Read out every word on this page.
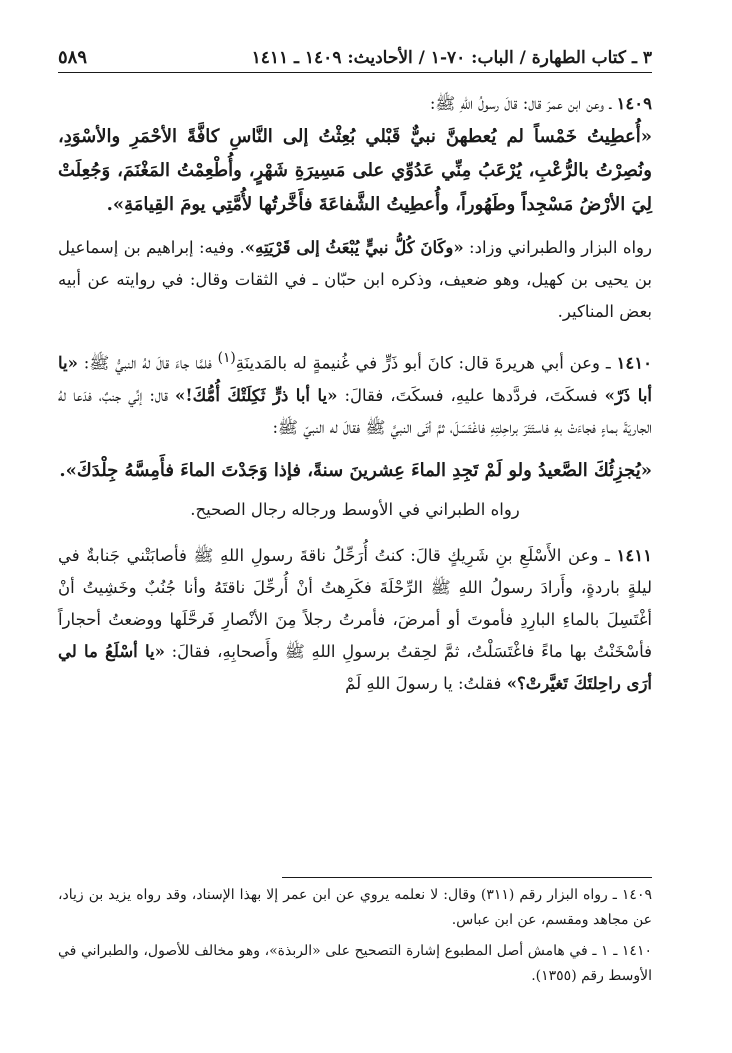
٥٨٩	٣ ـ كتاب الطهارة / الباب: ٧٠-١ / الأحاديث: ١٤٠٩ ـ ١٤١١

١٤٠٩ ـ وعن ابن عمرَ قال: قالَ رسولُ اللهِ ﷺ:

«أُعطِيتُ خَمْساً لم يُعطهنَّ نبيٌّ قَبْلي بُعِثْتُ إلى النَّاسِ كافَّةً الأحْمَرِ والأسْوَدِ، ونُصِرْتُ بالرُّعْبِ، يُرْعَبُ مِنِّي عَدُوِّي على مَسِيرَةِ شَهْرٍ، وأُطْعِمْتُ المَغْنَمَ، وَجُعِلَتْ لِيَ الأرْضُ مَسْجِداً وطَهُوراً، وأُعطِيتُ الشَّفاعَةَ فأَخَّرتُها لأُمَّتِي يومَ القِيامَةِ».

رواه البزار والطبراني وزاد: «وكَانَ كُلُّ نبيٍّ يُبْعَثُ إلى قَرْيَتِهِ». وفيه: إبراهيم بن إسماعيل بن يحيى بن كهيل، وهو ضعيف، وذكره ابن حبّان ـ في الثقات وقال: في روايته عن أبيه بعض المناكير.

١٤١٠ ـ وعن أبي هريرةَ قال: كانَ أبو ذَرٍّ في غُنيمةٍ له بالمَدينَةِ$^{(١)}$ فلمَّا جاءَ قالَ لهُ النبيُّ ﷺ: «يا أبا ذَرّ» فسكَتَ، فردَّدها عليهِ، فسكَتَ، فقالَ: «يا أبا ذرٍّ ثَكِلَتْكَ أُمُّكَ!» قال: إنِّي جنبٌ، فدَعا لهُ الجاريَةَ بماءٍ فجاءَتْ بهِ فاستَتَرَ براحِلتِهِ فاغْتَسَلَ، ثمَّ أتَى النبيَّ ﷺ فقالَ له النبيّ ﷺ:

«يُجزِئُكَ الصَّعيدُ ولو لَمْ تَجِدِ الماءَ عِشرينَ سنةً، فإذا وَجَدْتَ الماءَ فأَمِسَّهُ جِلْدَكَ».

رواه الطبراني في الأوسط ورجاله رجال الصحيح.

١٤١١ ـ وعن الأَسْلَعِ بنِ شَرِيكٍ قالَ: كنتُ أُرَحِّلُ ناقةَ رسولِ اللهِ ﷺ فأصابَتْني جَنابةٌ في ليلةٍ باردةٍ، وأَرادَ رسولُ اللهِ ﷺ الرِّحْلَةَ فكَرِهتُ أنْ أُرحِّلَ ناقتَهُ وأنا جُنُبٌ وخَشِيتُ أنْ أغْتَسِلَ بالماءِ البارِدِ فأموتَ أو أمرضَ، فأمرتُ رجلاً مِنَ الأنْصارِ فَرحَّلَها ووضعتُ أحجاراً فأسْخَنْتُ بها ماءً فاغْتَسَلْتُ، ثمَّ لحِقتُ برسولِ اللهِ ﷺ وأَصحابِهِ، فقالَ: «يا أسْلَعُ ما لي أرَى راحِلتَكَ تَغيَّرتْ؟» فقلتُ: يا رسولَ اللهِ لَمْ

١٤٠٩ ـ رواه البزار رقم (٣١١) وقال: لا نعلمه يروي عن ابن عمر إلا بهذا الإسناد، وقد رواه يزيد بن زياد، عن مجاهد ومقسم، عن ابن عباس.

١٤١٠ ـ ١ ـ في هامش أصل المطبوع إشارة التصحيح على «الربذة»، وهو مخالف للأصول، والطبراني في الأوسط رقم (١٣٥٥).
